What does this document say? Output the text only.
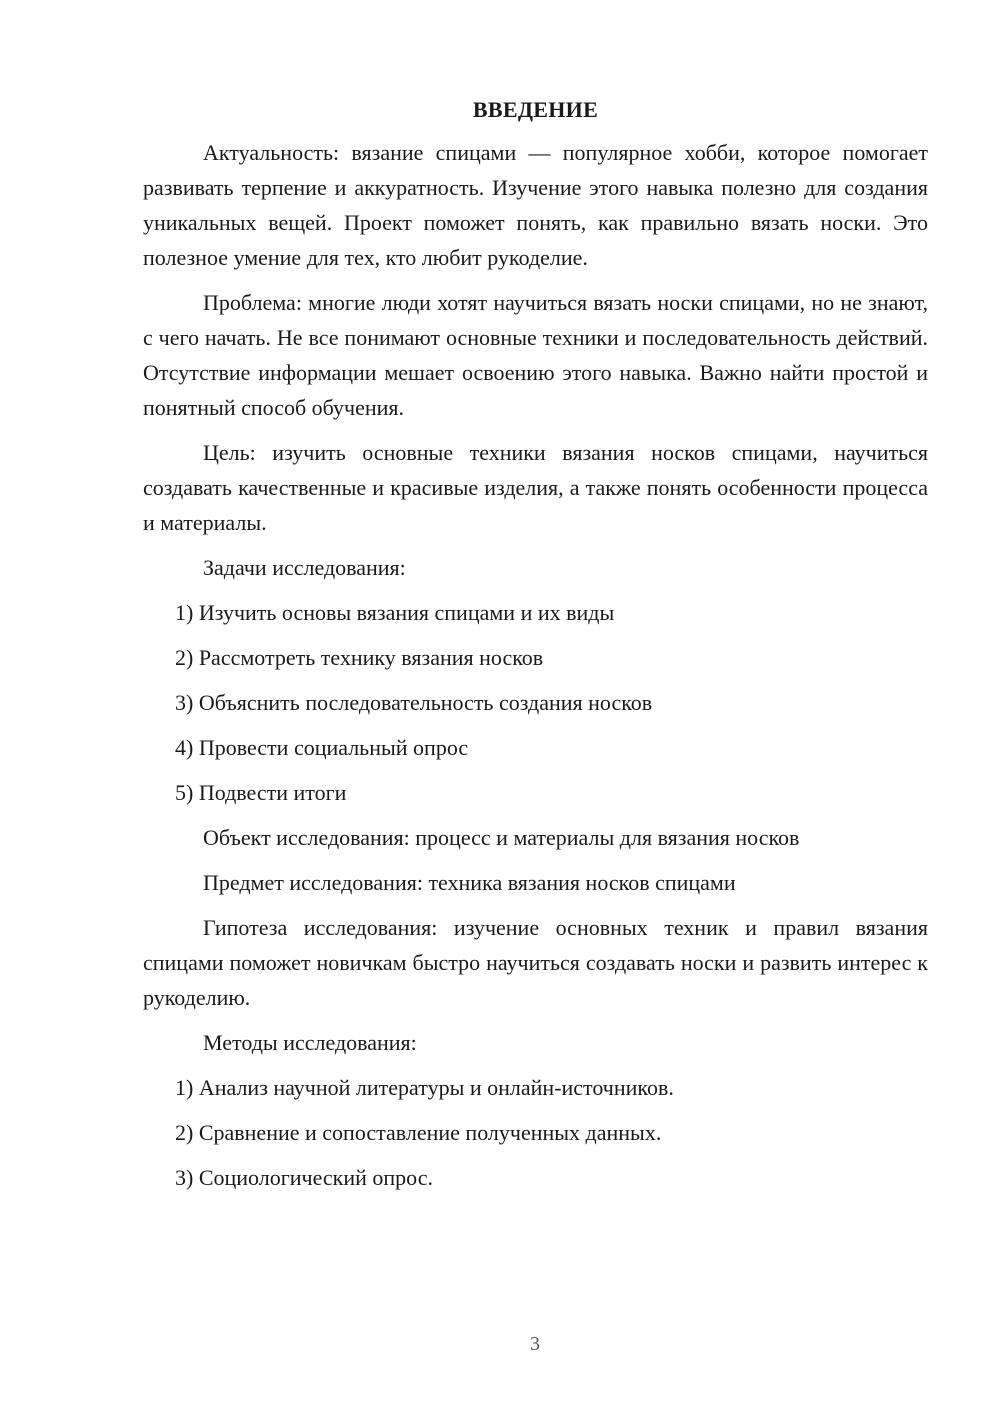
ВВЕДЕНИЕ

Актуальность: вязание спицами — популярное хобби, которое помогает развивать терпение и аккуратность. Изучение этого навыка полезно для создания уникальных вещей. Проект поможет понять, как правильно вязать носки. Это полезное умение для тех, кто любит рукоделие.

Проблема: многие люди хотят научиться вязать носки спицами, но не знают, с чего начать. Не все понимают основные техники и последовательность действий. Отсутствие информации мешает освоению этого навыка. Важно найти простой и понятный способ обучения.

Цель: изучить основные техники вязания носков спицами, научиться создавать качественные и красивые изделия, а также понять особенности процесса и материалы.

Задачи исследования:

1) Изучить основы вязания спицами и их виды
2) Рассмотреть технику вязания носков
3) Объяснить последовательность создания носков
4) Провести социальный опрос
5) Подвести итоги

Объект исследования: процесс и материалы для вязания носков

Предмет исследования: техника вязания носков спицами

Гипотеза исследования: изучение основных техник и правил вязания спицами поможет новичкам быстро научиться создавать носки и развить интерес к рукоделию.

Методы исследования:

1) Анализ научной литературы и онлайн-источников.
2) Сравнение и сопоставление полученных данных.
3) Социологический опрос.
3
